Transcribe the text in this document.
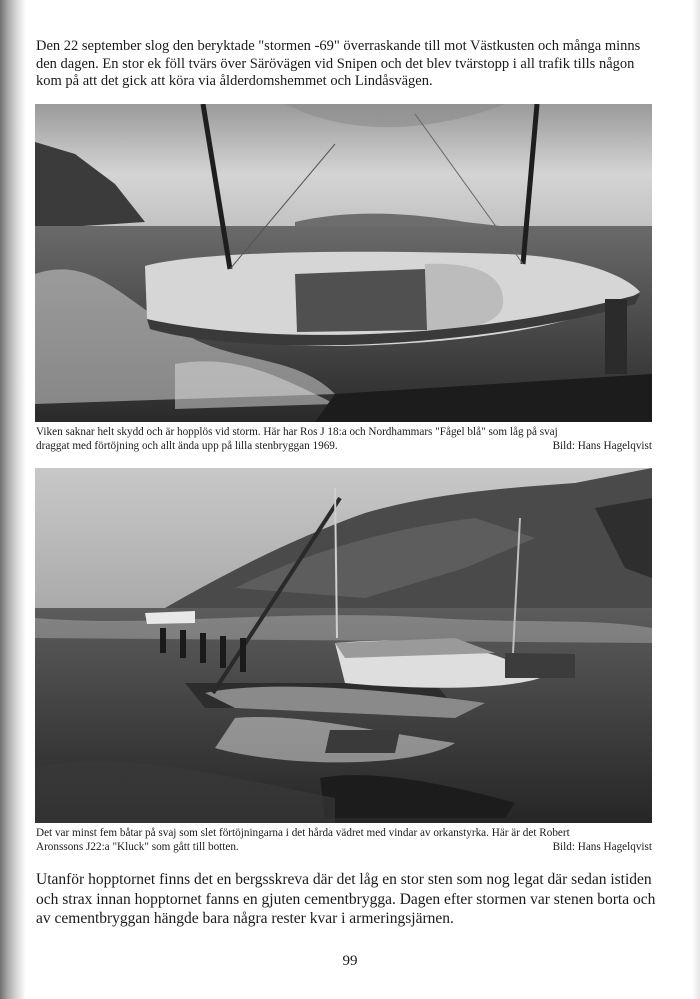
Den 22 september slog den beryktade "stormen -69" överraskande till mot Västkusten och många minns den dagen. En stor ek föll tvärs över Särövägen vid Snipen och det blev tvärstopp i all trafik tills någon kom på att det gick att köra via ålderdomshemmet och Lindåsvägen.

Viken saknar helt skydd och är hopplös vid storm. Här har Ros J 18:a och Nordhammars "Fågel blå" som låg på svaj
draggat med förtöjning och allt ända upp på lilla stenbryggan 1969.	Bild: Hans Hagelqvist
Det var minst fem båtar på svaj som slet förtöjningarna i det hårda vädret med vindar av orkanstyrka. Här är det Robert
Aronssons J22:a "Kluck" som gått till botten.	Bild: Hans Hagelqvist

Utanför hopptornet finns det en bergsskreva där det låg en stor sten som nog legat där sedan istiden och strax innan hopptornet fanns en gjuten cementbrygga. Dagen efter stormen var stenen borta och av cementbryggan hängde bara några rester kvar i armeringsjärnen.

99
